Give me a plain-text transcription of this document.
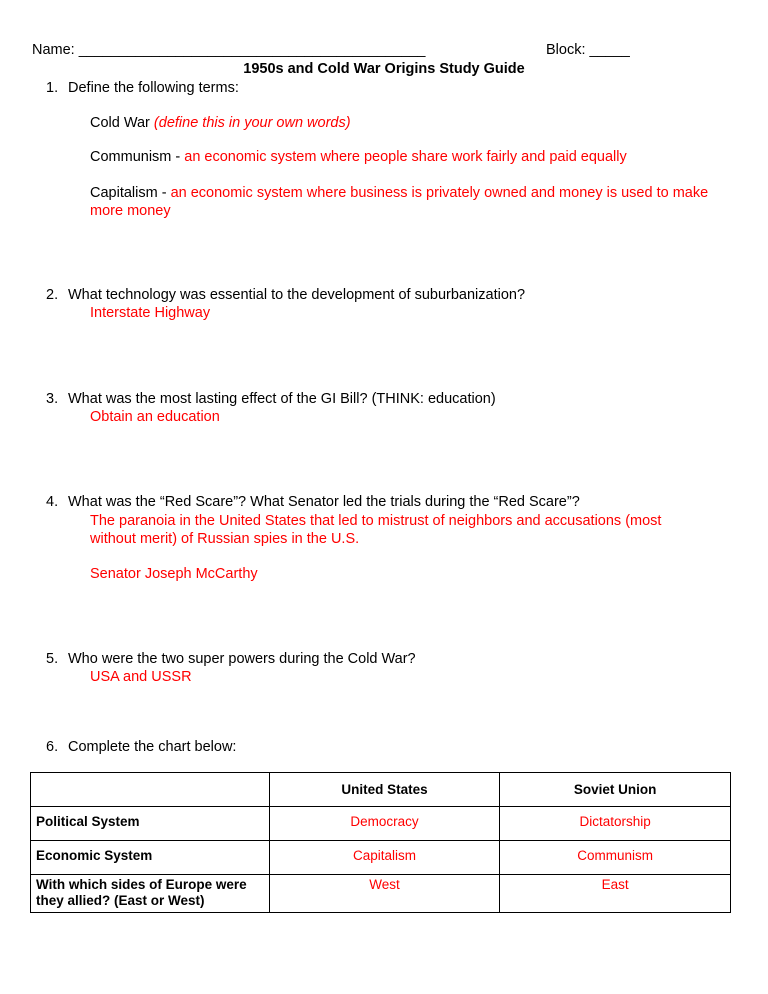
Name: ___________________________________________	Block: _____
1950s and Cold War Origins Study Guide
1. Define the following terms:
Cold War (define this in your own words)
Communism - an economic system where people share work fairly and paid equally
Capitalism - an economic system where business is privately owned and money is used to make more money
2. What technology was essential to the development of suburbanization?
Interstate Highway
3. What was the most lasting effect of the GI Bill? (THINK: education)
Obtain an education
4. What was the “Red Scare”? What Senator led the trials during the “Red Scare”?
The paranoia in the United States that led to mistrust of neighbors and accusations (most without merit) of Russian spies in the U.S.
Senator Joseph McCarthy
5. Who were the two super powers during the Cold War?
USA and USSR
6. Complete the chart below:
	United States	Soviet Union
Political System	Democracy	Dictatorship
Economic System	Capitalism	Communism
With which sides of Europe were they allied? (East or West)	West	East
